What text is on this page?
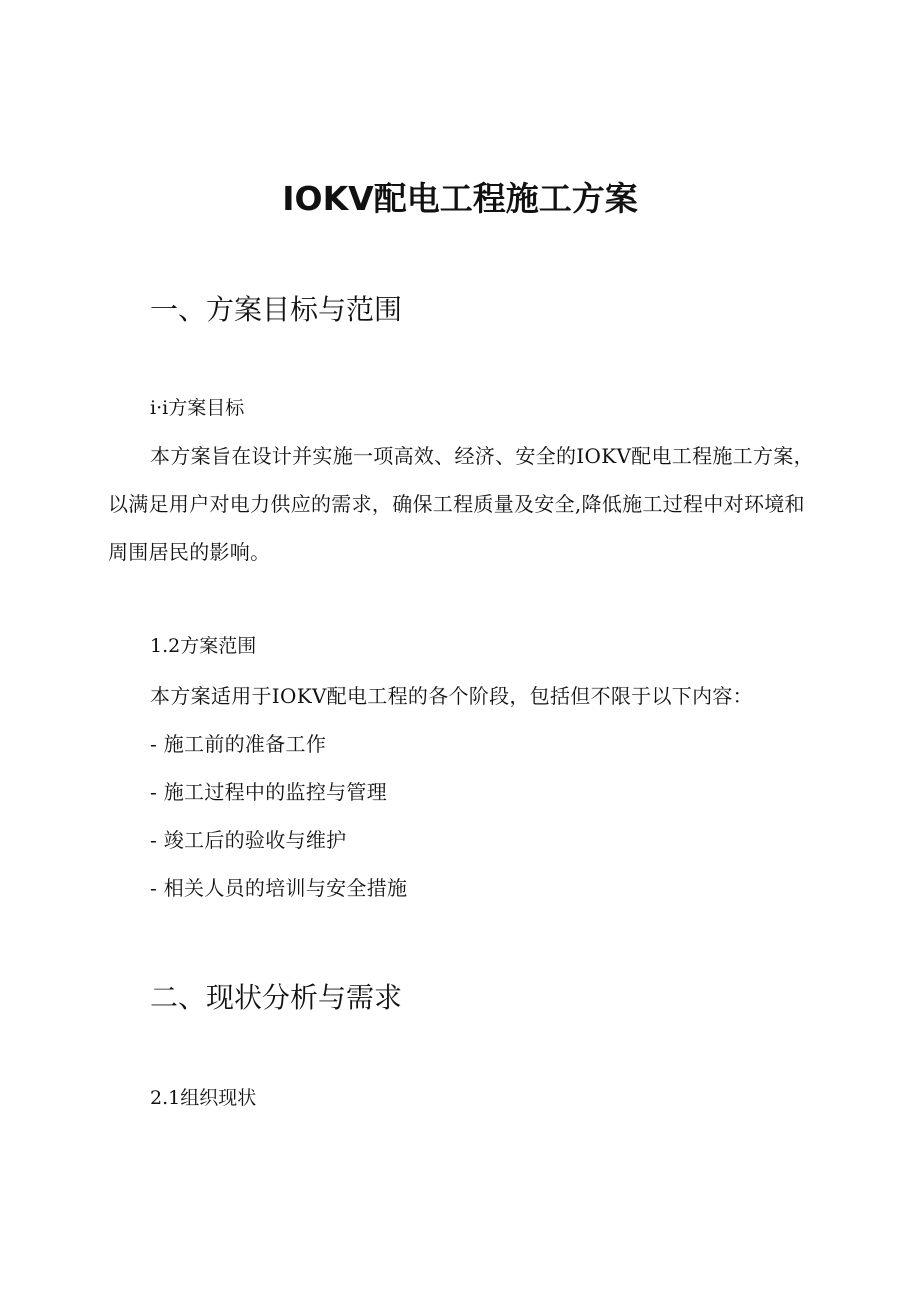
IOKV配电工程施工方案
一、方案目标与范围
i·i方案目标
本方案旨在设计并实施一项高效、经济、安全的IOKV配电工程施工方案，以满足用户对电力供应的需求，确保工程质量及安全,降低施工过程中对环境和周围居民的影响。
1.2方案范围
本方案适用于IOKV配电工程的各个阶段，包括但不限于以下内容：
- 施工前的准备工作
- 施工过程中的监控与管理
- 竣工后的验收与维护
- 相关人员的培训与安全措施
二、现状分析与需求
2.1组织现状
